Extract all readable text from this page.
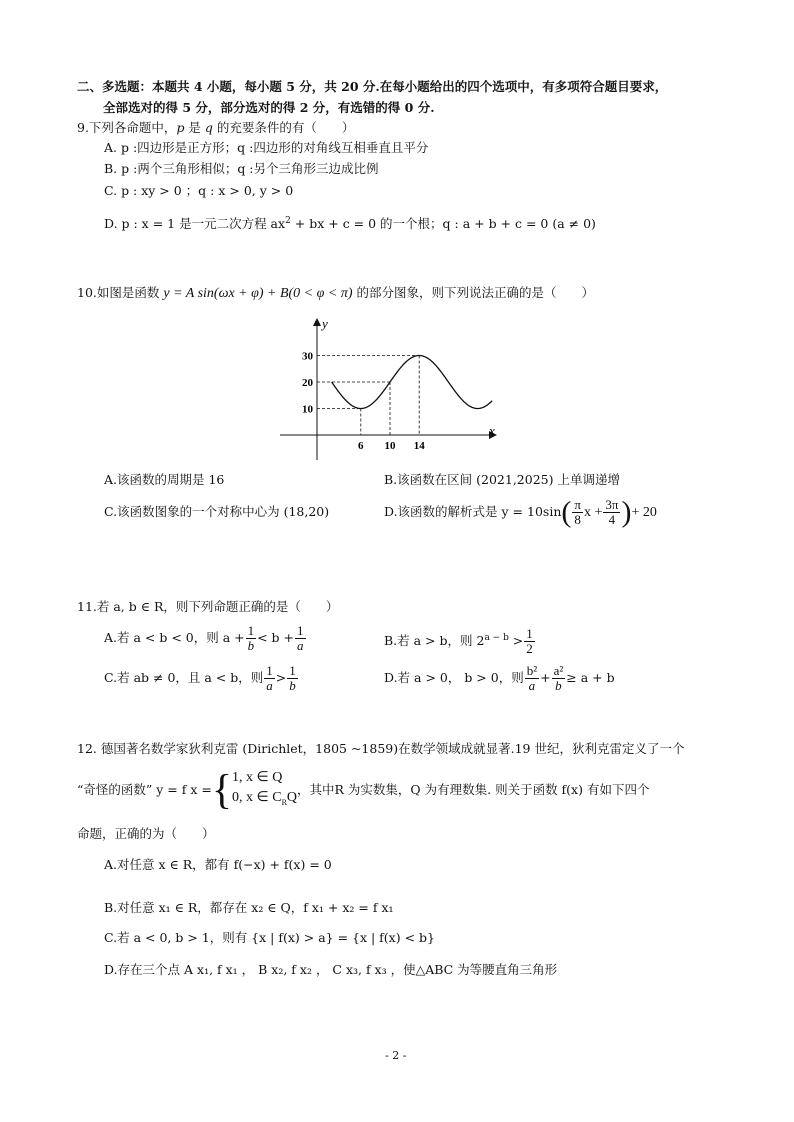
二、多选题：本题共 4 小题，每小题 5 分，共 20 分.在每小题给出的四个选项中，有多项符合题目要求，
全部选对的得 5 分，部分选对的得 2 分，有选错的得 0 分.
9.下列各命题中，p 是 q 的充要条件的有（　　）
A. p :四边形是正方形；q :四边形的对角线互相垂直且平分
B. p :两个三角形相似；q :另个三角形三边成比例
C. p : xy > 0 ；q : x > 0, y > 0
D. p : x = 1 是一元二次方程 $ax^2$ + bx + c = 0 的一个根；q : a + b + c = 0 (a ≠ 0)
10.如图是函数 y = A sin(ωx + φ) + B(0 < φ < π) 的部分图象，则下列说法正确的是（　　）
x
y
6 10 14
10
20
30
A.该函数的周期是 16	B.该函数在区间 (2021,2025) 上单调递增
C.该函数图象的一个对称中心为 (18,20)	D.该函数的解析式是 $y = 10\sin( \frac{\pi}{8}$ $x + \frac{3\pi}{4}$ )+ 20
11.若 a, b ∈ R，则下列命题正确的是（　　）
A.若 a < b < 0，则 $a + \frac{1}{b} < b + \frac{1}{a}$	B.若 a > b，则 $2^{a - b} > \frac{1}{2}$
C.若 ab ≠ 0，且 a < b，则 $\frac{1}{a} > \frac{1}{b}$	D.若 a > 0， b > 0，则 $\frac{\text{b²}}{a} + \frac{\text{a²}}{b} \ge a + b$
12. 德国著名数学家狄利克雷 (Dirichlet，1805 ~1859)在数学领域成就显著.19 世纪，狄利克雷定义了一个
“奇怪的函数” y = f x ={ 1, x ∈ Q
0, x ∈ $C_RQ$
，其中R 为实数集，Q 为有理数集. 则关于函数 f(x) 有如下四个
命题，正确的为（　　）
A.对任意 x ∈ R，都有 f(−x) + f(x) = 0
B.对任意 x₁ ∈ R，都存在 x₂ ∈ Q，f x₁ + x₂ = f x₁
C.若 a < 0, b > 1，则有 {x | f(x) > a} = {x | f(x) < b}
D.存在三个点 A x₁, f x₁ ， B x₂, f x₂ ， C x₃, f x₃ ，使△ABC 为等腰直角三角形
- 2 -
